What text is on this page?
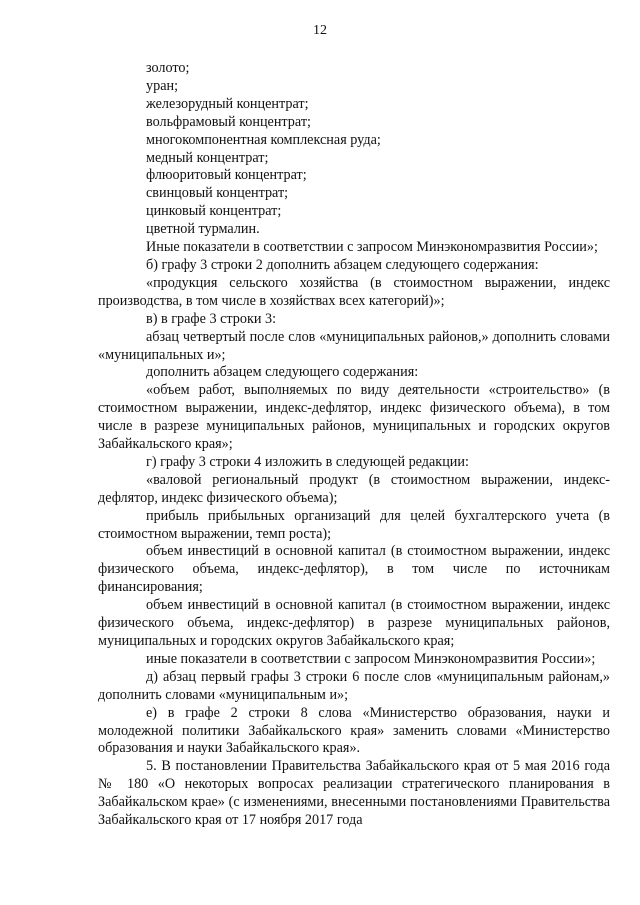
12

золото;

уран;

железорудный концентрат;

вольфрамовый концентрат;

многокомпонентная комплексная руда;

медный концентрат;

флюоритовый концентрат;

свинцовый концентрат;

цинковый концентрат;

цветной турмалин.

Иные показатели в соответствии с запросом Минэкономразвития России»;

б) графу 3 строки 2 дополнить абзацем следующего содержания:

«продукция сельского хозяйства (в стоимостном выражении, индекс производства, в том числе в хозяйствах всех категорий)»;

в) в графе 3 строки 3:

абзац четвертый после слов «муниципальных районов,» дополнить словами «муниципальных и»;

дополнить абзацем следующего содержания:

«объем работ, выполняемых по виду деятельности «строительство» (в стоимостном выражении, индекс-дефлятор, индекс физического объема), в том числе в разрезе муниципальных районов, муниципальных и городских округов Забайкальского края»;

г) графу 3 строки 4 изложить в следующей редакции:

«валовой региональный продукт (в стоимостном выражении, индекс-дефлятор, индекс физического объема);

прибыль прибыльных организаций для целей бухгалтерского учета (в стоимостном выражении, темп роста);

объем инвестиций в основной капитал (в стоимостном выражении, индекс физического объема, индекс-дефлятор), в том числе по источникам финансирования;

объем инвестиций в основной капитал (в стоимостном выражении, индекс физического объема, индекс-дефлятор) в разрезе муниципальных районов, муниципальных и городских округов Забайкальского края;

иные показатели в соответствии с запросом Минэкономразвития России»;

д) абзац первый графы 3 строки 6 после слов «муниципальным районам,» дополнить словами «муниципальным и»;

е) в графе 2 строки 8 слова «Министерство образования, науки и молодежной политики Забайкальского края» заменить словами «Министерство образования и науки Забайкальского края».

5. В постановлении Правительства Забайкальского края от 5 мая 2016 года № 180 «О некоторых вопросах реализации стратегического планирования в Забайкальском крае» (с изменениями, внесенными постановлениями Правительства Забайкальского края от 17 ноября 2017 года
